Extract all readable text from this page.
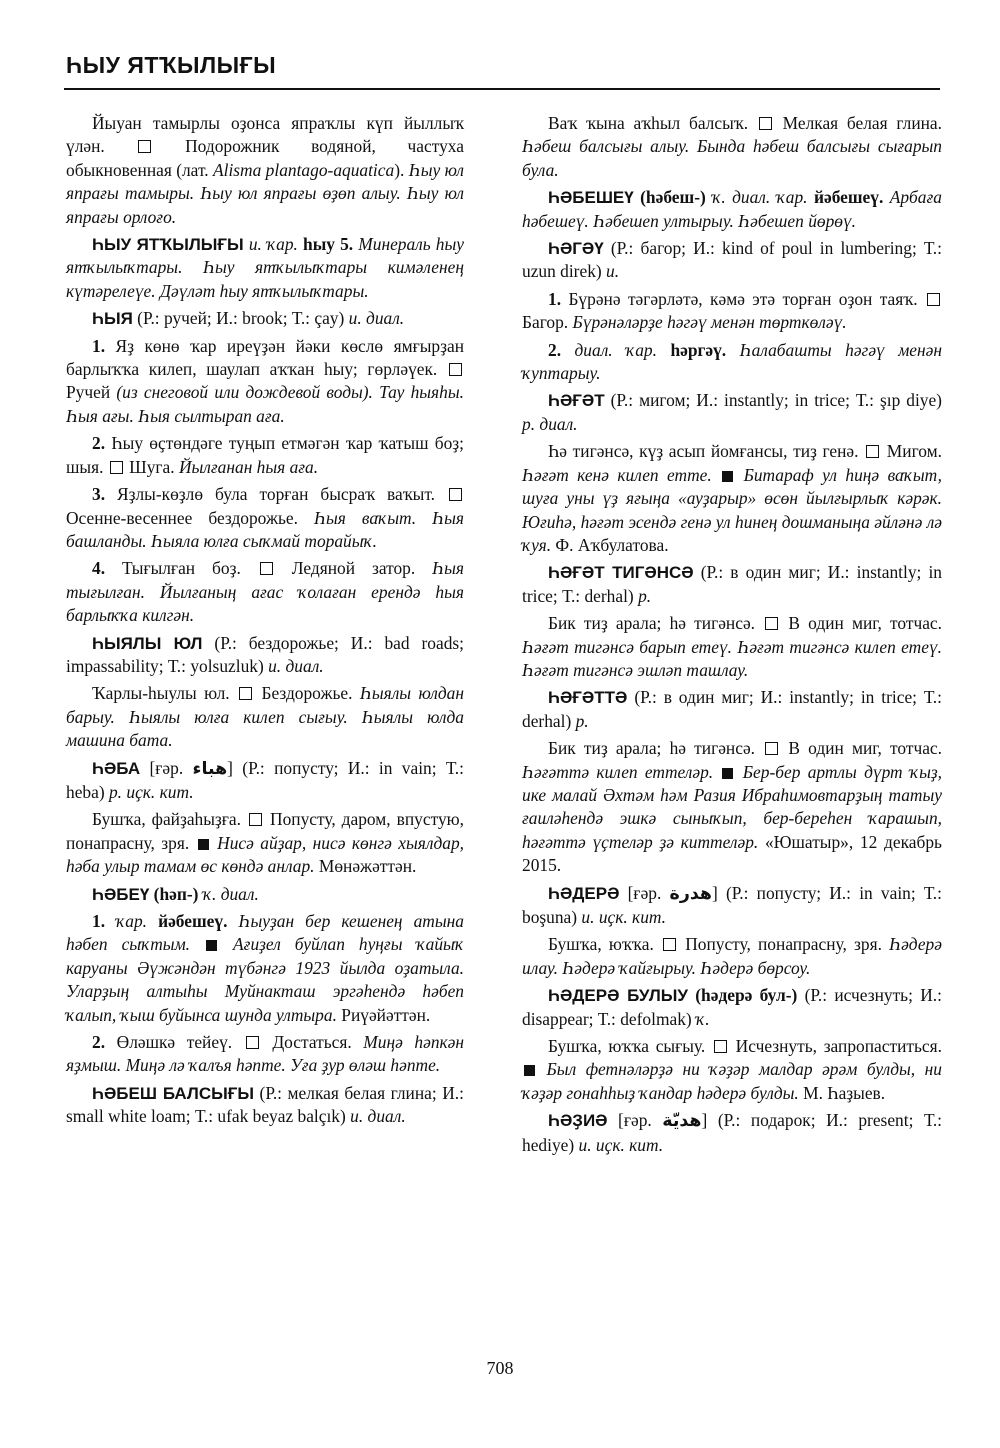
ҺЫУ ЯТҠЫЛЫҒЫ

Йыуан тамырлы оҙонса япраҡлы күп йыллыҡ үлән.	Подорожник водяной, частуха обыкновенная (лат. Alisma plantago-aquatica). Һыу юл япрағы тамыры. Һыу юл япрағы өҙөп алыу. Һыу юл япрағы орлоғо.

ҺЫУ ЯТҠЫЛЫҒЫ и. ҡар. һыу 5. Минераль һыу ятҡылыҡтары. Һыу ятҡылыҡтары кимәленең күтәрелеүе. Дәүләт һыу ятҡылыҡтары.

ҺЫЯ (Р.: ручей; И.: brook; Т.: çay) и. диал.

1. Яҙ көнө ҡар иреүҙән йәки көслө ямғырҙан барлыҡҡа килеп, шаулап аҡҡан һыу; гөрләүек.  Ручей (из снеговой или дождевой воды). Тау һыяһы. Һыя ағы. Һыя сылтырап аға.

2. Һыу өҫтөндәге туңып етмәгән ҡар ҡатыш боҙ; шыя. Шуга. Йылғанан һыя аға.

3. Яҙлы-көҙлө була торған бысраҡ ваҡыт.  Осенне-весеннее бездорожье. Һыя ваҡыт. Һыя башланды. Һыяла юлға сыҡмай торайыҡ.

4. Тығылған боҙ.	Ледяной затор. Һыя тығылған. Йылғаның ағас ҡолаған ерендә һыя барлыҡҡа килгән.

ҺЫЯЛЫ ЮЛ (Р.: бездорожье; И.: bad roads; impassability; Т.: yolsuzluk) и. диал.

Ҡарлы-һыулы юл. Бездорожье. Һыялы юлдан барыу. Һыялы юлға килеп сығыу. Һыялы юлда машина бата.

ҺӘБА [ғәр. هباء] (Р.: попусту; И.: in vain; Т.: heba) р. иҫк. кит.

Бушҡа, файҙаһыҙға. Попусту, даром, впустую, понапрасну, зря. Нисә айҙар, нисә көнгә хыялдар, һәба улыр тамам өс көндә анлар. Мөнәжәттән.

ҺӘБЕҮ (һәп-) ҡ. диал.

1. ҡар. йәбешеү. Һыуҙан бер кешенең атына һәбеп сыҡтым. Ағиҙел буйлап һуңғы ҡайыҡ каруаны Әүжәндән түбәнгә 1923 йылда оҙатыла. Уларҙың алтыһы Муйнакташ эргәһендә һәбеп ҡалып, ҡыш буйынса шунда ултыра. Риүәйәттән.

2. Өләшкә тейеү. Достаться. Миңә һәпкән яҙмыш. Миңә лә ҡалъя һәпте. Уға ҙур өләш һәпте.

ҺӘБЕШ БАЛСЫҒЫ (Р.: мелкая белая глина; И.: small white loam; Т.: ufak beyaz balçık) и. диал.

Ваҡ ҡына аҡһыл балсыҡ. Мелкая белая глина. Һәбеш балсығы алыу. Бында һәбеш балсығы сығарып була.

ҺӘБЕШЕҮ (һәбеш-) ҡ. диал. ҡар. йәбешеү. Арбаға һәбешеү. Һәбешеп ултырыу. Һәбешеп йөрөү.

ҺӘГӘҮ (Р.: багор; И.: kind of poul in lumbering; Т.: uzun direk) и.

1. Бүрәнә тәгәрләтә, кәмә этә торған оҙон таяҡ.  Багор. Бүрәнәләрҙе һәгәү менән төрткөләү.

2. диал. ҡар. һәргәү. Һалабашты һәгәү менән ҡуптарыу.

ҺӘҒӘТ (Р.: мигом; И.: instantly; in trice; Т.: şıp diye) р. диал.

Һә тигәнсә, күҙ асып йомғансы, тиҙ генә. Мигом. Һәғәт кенә килеп етте. Битараф ул һиңә ваҡыт, шуға уны үҙ яғыңа «ауҙарыр» өсөн йылғырлыҡ кәрәк. Юғиһә, һәғәт эсендә генә ул һинең дошманыңа әйләнә лә ҡуя. Ф. Аҡбулатова.

ҺӘҒӘТ ТИГӘНСӘ (Р.: в один миг; И.: instantly; in trice; Т.: derhal) р.

Бик тиҙ арала; һә тигәнсә. В один миг, тотчас. Һәғәт тигәнсә барып етеү. Һәғәт тигәнсә килеп етеү. Һәғәт тигәнсә эшләп ташлау.

ҺӘҒӘТТӘ (Р.: в один миг; И.: instantly; in trice; Т.: derhal) р.

Бик тиҙ арала; һә тигәнсә. В один миг, тотчас. Һәғәттә килеп еттеләр. Бер-бер артлы дүрт ҡыҙ, ике малай Әхтәм һәм Разия Ибраһимовтарҙың татыу ғаиләһендә эшкә сыныҡып, бер-береһен ҡарашып, һәғәттә үҫтеләр ҙә киттеләр. «Юшатыр», 12 декабрь 2015.

ҺӘДЕРӘ [ғәр. هدرة] (Р.: попусту; И.: in vain; Т.: boşuna) и. иҫк. кит.

Бушҡа, юҡҡа. Попусту, понапрасну, зря. Һәдерә илау. Һәдерә ҡайғырыу. Һәдерә бөрсоу.

ҺӘДЕРӘ БУЛЫУ (һәдерә бул-) (Р.: исчезнуть; И.: disappear; Т.: defolmak) ҡ.

Бушҡа, юҡҡа сығыу. Исчезнуть, запропаститься.  Был фетнәләрҙә ни ҡәҙәр малдар әрәм булды, ни ҡәҙәр гонаһһыҙ ҡандар һәдерә булды. М. Һаҙыев.

ҺӘҘИӘ [ғәр. هديّة] (Р.: подарок; И.: present; Т.: hediye) и. иҫк. кит.

708
